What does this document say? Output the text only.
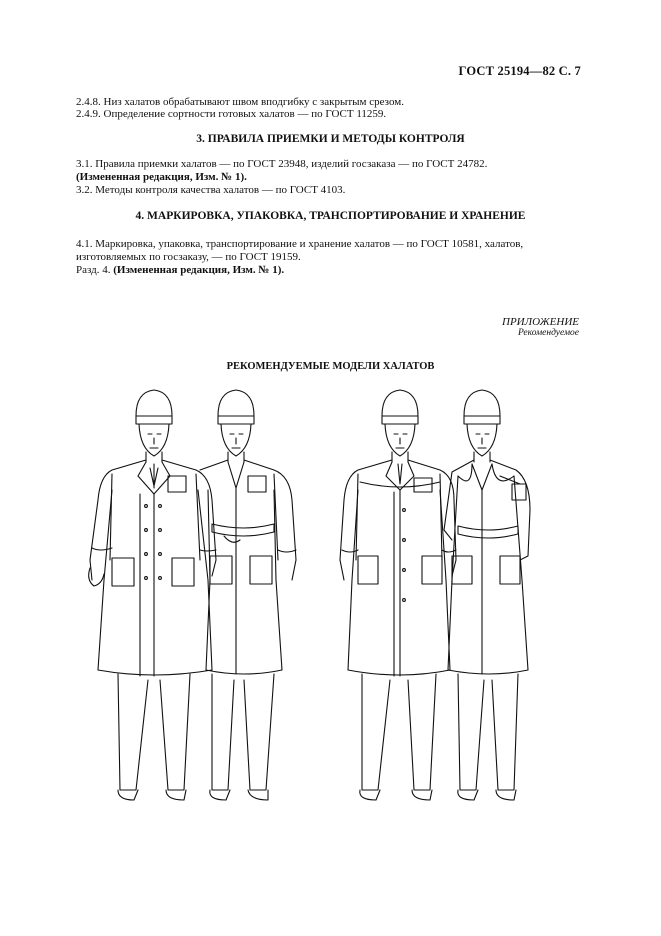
ГОСТ 25194—82 С. 7
2.4.8. Низ халатов обрабатывают швом вподгибку с закрытым срезом.
2.4.9. Определение сортности готовых халатов — по ГОСТ 11259.
3. ПРАВИЛА ПРИЕМКИ И МЕТОДЫ КОНТРОЛЯ
3.1. Правила приемки халатов — по ГОСТ 23948, изделий госзаказа — по ГОСТ 24782.
(Измененная редакция, Изм. № 1).
3.2. Методы контроля качества халатов — по ГОСТ 4103.
4. МАРКИРОВКА, УПАКОВКА, ТРАНСПОРТИРОВАНИЕ И ХРАНЕНИЕ
4.1. Маркировка, упаковка, транспортирование и хранение халатов — по ГОСТ 10581, халатов,
изготовляемых по госзаказу, — по ГОСТ 19159.
Разд. 4. (Измененная редакция, Изм. № 1).
ПРИЛОЖЕНИЕ
Рекомендуемое
РЕКОМЕНДУЕМЫЕ МОДЕЛИ ХАЛАТОВ
